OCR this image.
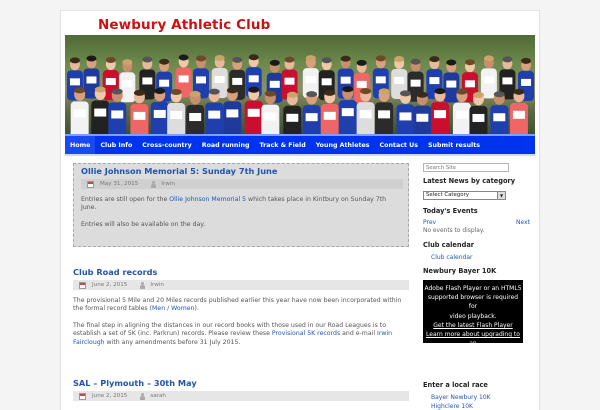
Newbury Athletic Club
Home	Club Info	Cross-country	Road running	Track & Field	Young Athletes	Contact Us	Submit results
Ollie Johnson Memorial 5: Sunday 7th June
May 31, 2015	Irwin

Entries are still open for the Ollie Johnson Memorial 5 which takes place in Kintbury on Sunday 7th June.

Entries will also be available on the day.

Club Road records
June 2, 2015	Irwin

The provisional 5 Mile and 20 Miles records published earlier this year have now been incorporated within the formal record tables (Men / Women).

The final step in aligning the distances in our record books with those used in our Road Leagues is to establish a set of 5K (inc. Parkrun) records. Please review these Provisional 5K records and e-mail Irwin Fairclough with any amendments before 31 July 2015.

SAL – Plymouth – 30th May
June 2, 2015	sarah
Search Site
Latest News by category
Select Category	▼
Today's Events
Prev	Next
No events to display.
Club calendar
Club calendar
Newbury Bayer 10K
Adobe Flash Player or an HTML5
supported browser is required for
video playback.
Get the latest Flash Player
Learn more about upgrading to an
HTML5 browser
Enter a local race
Bayer Newbury 10K
Highclere 10K
